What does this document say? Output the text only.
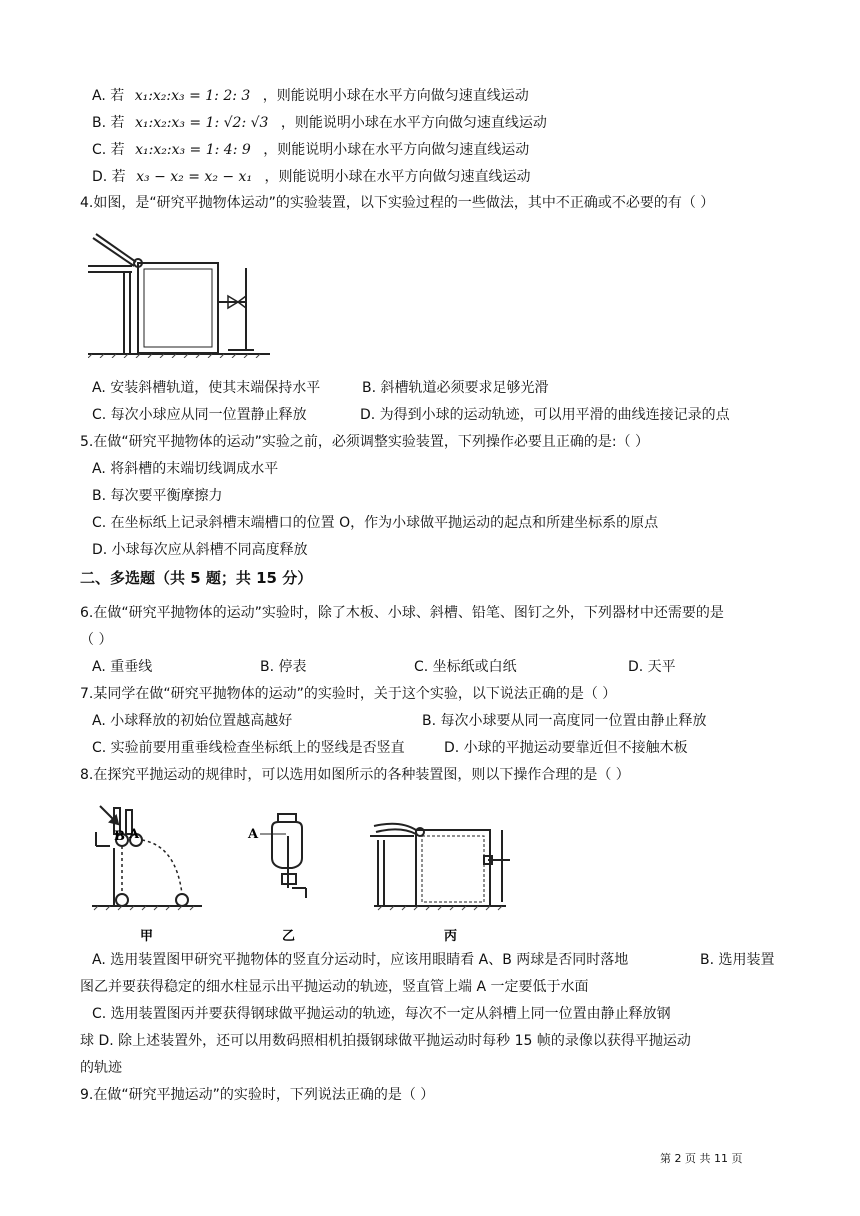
A. 若 x₁:x₂:x₃ = 1: 2: 3 ，则能说明小球在水平方向做匀速直线运动
B. 若 x₁:x₂:x₃ = 1: √2: √3 ，则能说明小球在水平方向做匀速直线运动
C. 若 x₁:x₂:x₃ = 1: 4: 9 ，则能说明小球在水平方向做匀速直线运动
D. 若 x₃ − x₂ = x₂ − x₁ ，则能说明小球在水平方向做匀速直线运动
4.如图，是“研究平抛物体运动”的实验装置，以下实验过程的一些做法，其中不正确或不必要的有（ ）
A. 安装斜槽轨道，使其末端保持水平	B. 斜槽轨道必须要求足够光滑
C. 每次小球应从同一位置静止释放	D. 为得到小球的运动轨迹，可以用平滑的曲线连接记录的点
5.在做“研究平抛物体的运动”实验之前，必须调整实验装置，下列操作必要且正确的是:（ ）
A. 将斜槽的末端切线调成水平
B. 每次要平衡摩擦力
C. 在坐标纸上记录斜槽末端槽口的位置 O，作为小球做平抛运动的起点和所建坐标系的原点
D. 小球每次应从斜槽不同高度释放
二、多选题（共 5 题；共 15 分）
6.在做“研究平抛物体的运动”实验时，除了木板、小球、斜槽、铅笔、图钉之外，下列器材中还需要的是
（ ）
A. 重垂线	B. 停表	C. 坐标纸或白纸	D. 天平
7.某同学在做“研究平抛物体的运动”的实验时，关于这个实验，以下说法正确的是（ ）
A. 小球释放的初始位置越高越好	B. 每次小球要从同一高度同一位置由静止释放
C. 实验前要用重垂线检查坐标纸上的竖线是否竖直	D. 小球的平抛运动要靠近但不接触木板
8.在探究平抛运动的规律时，可以选用如图所示的各种装置图，则以下操作合理的是（ ）
B A	A
甲	乙	丙
A. 选用装置图甲研究平抛物体的竖直分运动时，应该用眼睛看 A、B 两球是否同时落地	B. 选用装置
图乙并要获得稳定的细水柱显示出平抛运动的轨迹，竖直管上端 A 一定要低于水面
C. 选用装置图丙并要获得钢球做平抛运动的轨迹，每次不一定从斜槽上同一位置由静止释放钢
球 D. 除上述装置外，还可以用数码照相机拍摄钢球做平抛运动时每秒 15 帧的录像以获得平抛运动
的轨迹
9.在做“研究平抛运动”的实验时，下列说法正确的是（ ）
第 2 页 共 11 页
